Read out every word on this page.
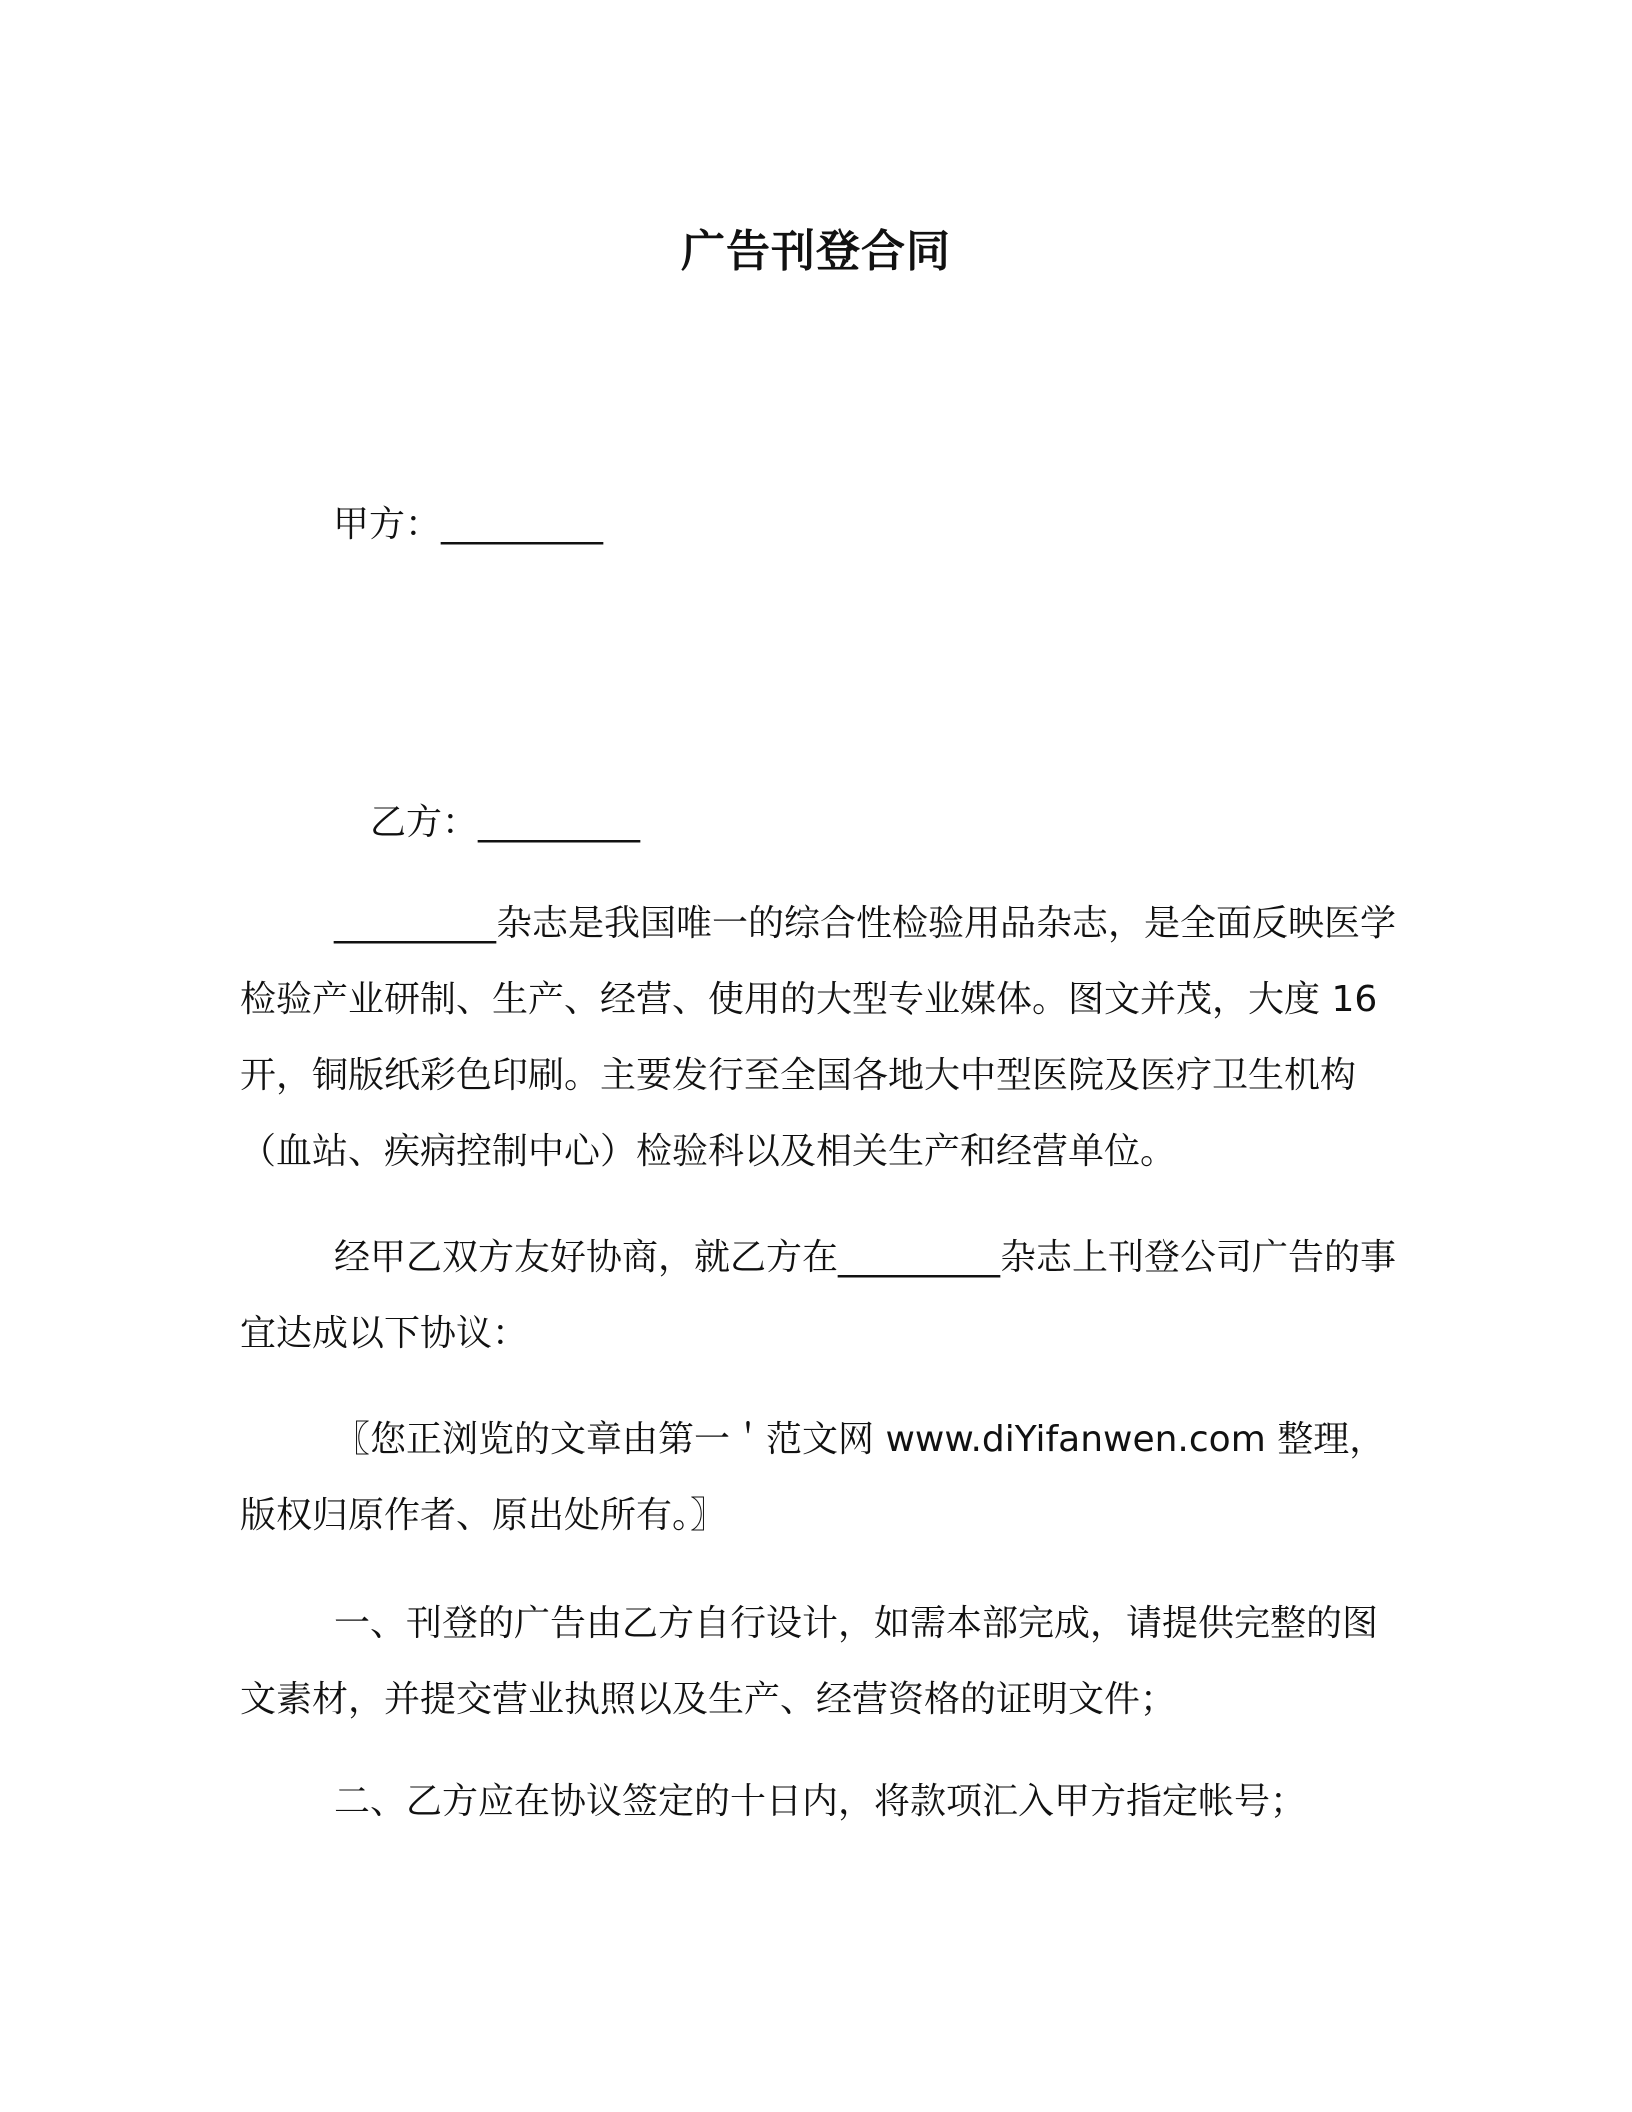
广告刊登合同
甲方：_________
乙方：_________

_________杂志是我国唯一的综合性检验用品杂志，是全面反映医学检验产业研制、生产、经营、使用的大型专业媒体。图文并茂，大度 16 开，铜版纸彩色印刷。主要发行至全国各地大中型医院及医疗卫生机构（血站、疾病控制中心）检验科以及相关生产和经营单位。

经甲乙双方友好协商，就乙方在_________杂志上刊登公司广告的事宜达成以下协议：

〖您正浏览的文章由第一＇范文网 www.diYifanwen.com 整理，版权归原作者、原出处所有。〗

一、刊登的广告由乙方自行设计，如需本部完成，请提供完整的图文素材，并提交营业执照以及生产、经营资格的证明文件；

二、乙方应在协议签定的十日内，将款项汇入甲方指定帐号；
